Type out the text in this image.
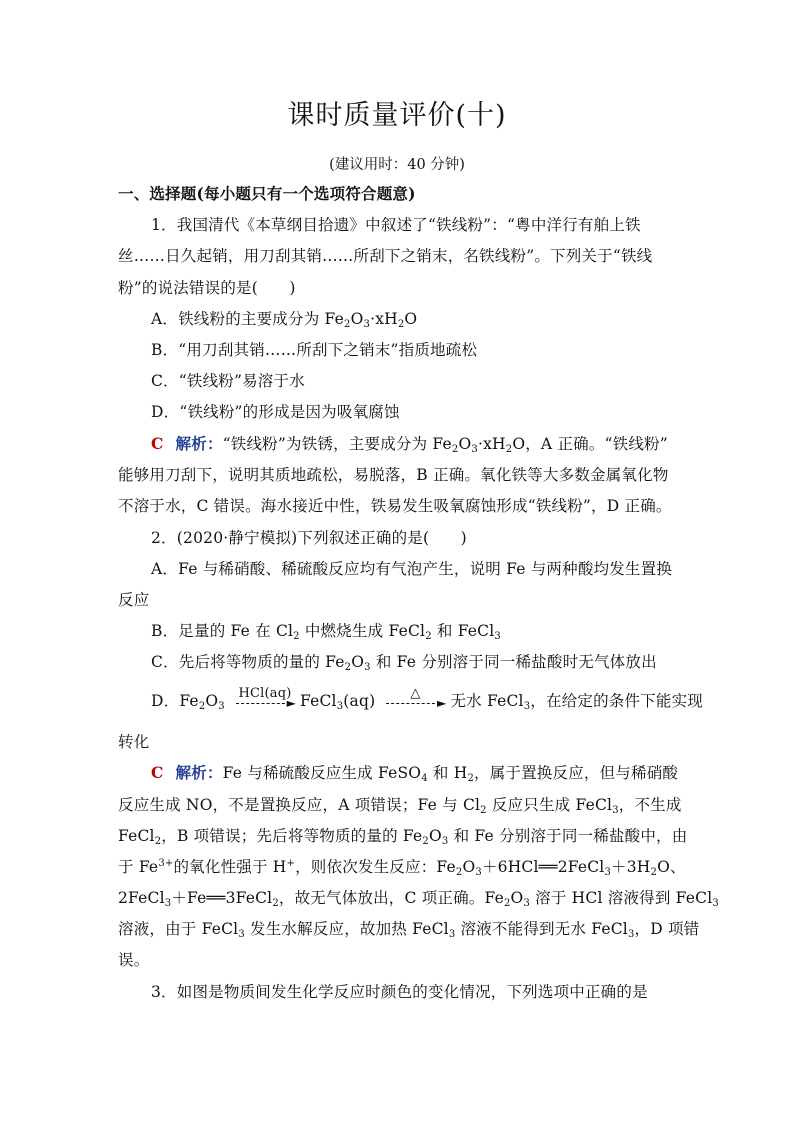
课时质量评价(十)
(建议用时：40 分钟)
一、选择题(每小题只有一个选项符合题意)
1．我国清代《本草纲目拾遗》中叙述了“铁线粉”：“粤中洋行有舶上铁
丝……日久起销，用刀刮其销……所刮下之销末，名铁线粉”。下列关于“铁线
粉”的说法错误的是(　　)
A．铁线粉的主要成分为 $Fe_2O_3\cdot xH_2O$
B．“用刀刮其销……所刮下之销末”指质地疏松
C．“铁线粉”易溶于水
D．“铁线粉”的形成是因为吸氧腐蚀
C 解析：“铁线粉”为铁锈，主要成分为 $Fe_2O_3\cdot xH_2O$，A 正确。“铁线粉”
能够用刀刮下，说明其质地疏松，易脱落，B 正确。氧化铁等大多数金属氧化物
不溶于水，C 错误。海水接近中性，铁易发生吸氧腐蚀形成“铁线粉”，D 正确。
2．(2020·静宁模拟)下列叙述正确的是(　　)
A．Fe 与稀硝酸、稀硫酸反应均有气泡产生，说明 Fe 与两种酸均发生置换
反应
B．足量的 Fe 在 $Cl_2$ 中燃烧生成 FeCl$_2$ 和 FeCl$_3$
C．先后将等物质的量的 $Fe_2O_3$ 和 Fe 分别溶于同一稀盐酸时无气体放出
D．$Fe_2O_3$
HCl(aq)
► FeCl$_3$(aq)	△
► 无水 FeCl$_3$，在给定的条件下能实现
转化
C 解析：Fe 与稀硫酸反应生成 FeSO$_4$ 和 $H_2$，属于置换反应，但与稀硝酸
反应生成 NO，不是置换反应，A 项错误；Fe 与 $Cl_2$ 反应只生成 FeCl$_3$，不生成
FeCl$_2$，B 项错误；先后将等物质的量的 $Fe_2O_3$ 和 Fe 分别溶于同一稀盐酸中，由
于 $Fe^{3+}$的氧化性强于 H+，则依次发生反应：$Fe_2O_3+6HCl══2FeCl_3+3H_2O$、
2FeCl$_3$＋Fe══3FeCl$_2$，故无气体放出，C 项正确。$Fe_2O_3$ 溶于 HCl 溶液得到 FeCl$_3$
溶液，由于 FeCl$_3$ 发生水解反应，故加热 FeCl$_3$ 溶液不能得到无水 FeCl$_3$，D 项错
误。
3．如图是物质间发生化学反应时颜色的变化情况，下列选项中正确的是
